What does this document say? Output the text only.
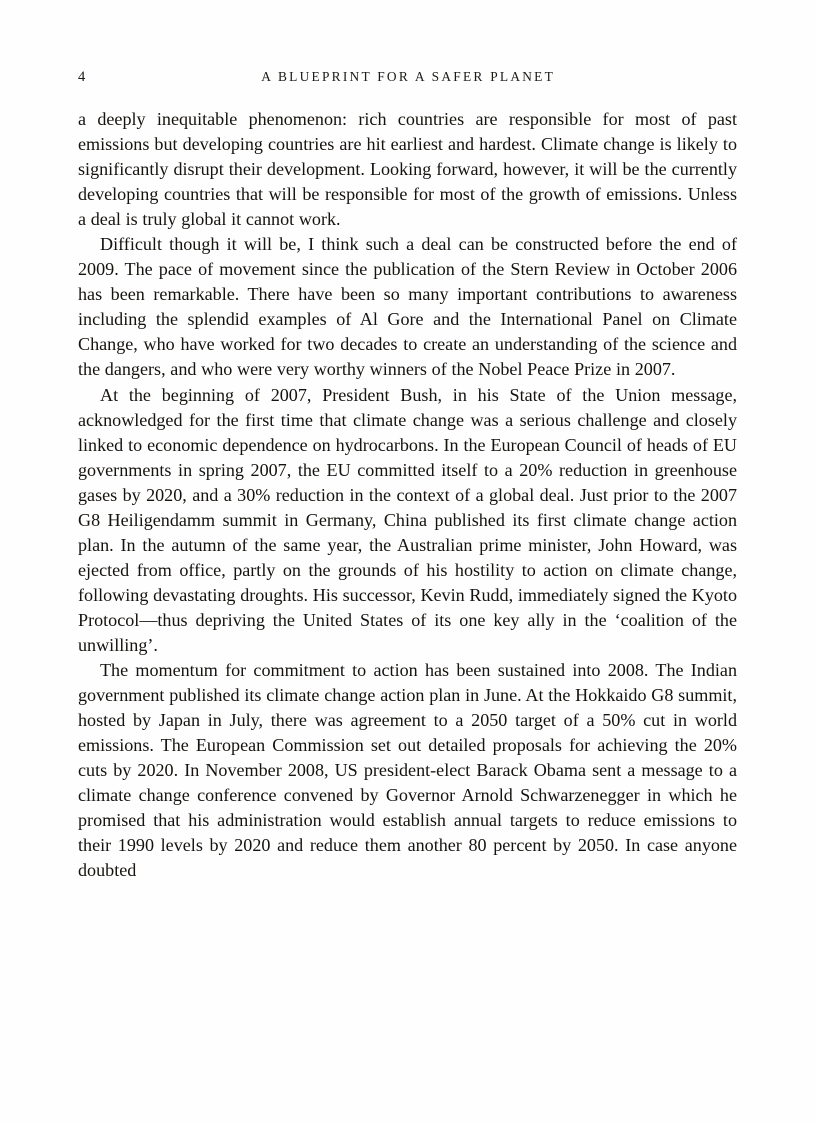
4	A BLUEPRINT FOR A SAFER PLANET

a deeply inequitable phenomenon: rich countries are responsible for most of past emissions but developing countries are hit earliest and hardest. Climate change is likely to significantly disrupt their development. Looking forward, however, it will be the currently developing countries that will be responsible for most of the growth of emissions. Unless a deal is truly global it cannot work.

Difficult though it will be, I think such a deal can be constructed before the end of 2009. The pace of movement since the publication of the Stern Review in October 2006 has been remarkable. There have been so many important contributions to awareness including the splendid examples of Al Gore and the International Panel on Climate Change, who have worked for two decades to create an understanding of the science and the dangers, and who were very worthy winners of the Nobel Peace Prize in 2007.

At the beginning of 2007, President Bush, in his State of the Union message, acknowledged for the first time that climate change was a serious challenge and closely linked to economic dependence on hydrocarbons. In the European Council of heads of EU governments in spring 2007, the EU committed itself to a 20% reduction in greenhouse gases by 2020, and a 30% reduction in the context of a global deal. Just prior to the 2007 G8 Heiligendamm summit in Germany, China published its first climate change action plan. In the autumn of the same year, the Australian prime minister, John Howard, was ejected from office, partly on the grounds of his hostility to action on climate change, following devastating droughts. His successor, Kevin Rudd, immediately signed the Kyoto Protocol—thus depriving the United States of its one key ally in the ‘coalition of the unwilling’.

The momentum for commitment to action has been sustained into 2008. The Indian government published its climate change action plan in June. At the Hokkaido G8 summit, hosted by Japan in July, there was agreement to a 2050 target of a 50% cut in world emissions. The European Commission set out detailed proposals for achieving the 20% cuts by 2020. In November 2008, US president-elect Barack Obama sent a message to a climate change conference convened by Governor Arnold Schwarzenegger in which he promised that his administration would establish annual targets to reduce emissions to their 1990 levels by 2020 and reduce them another 80 percent by 2050. In case anyone doubted
